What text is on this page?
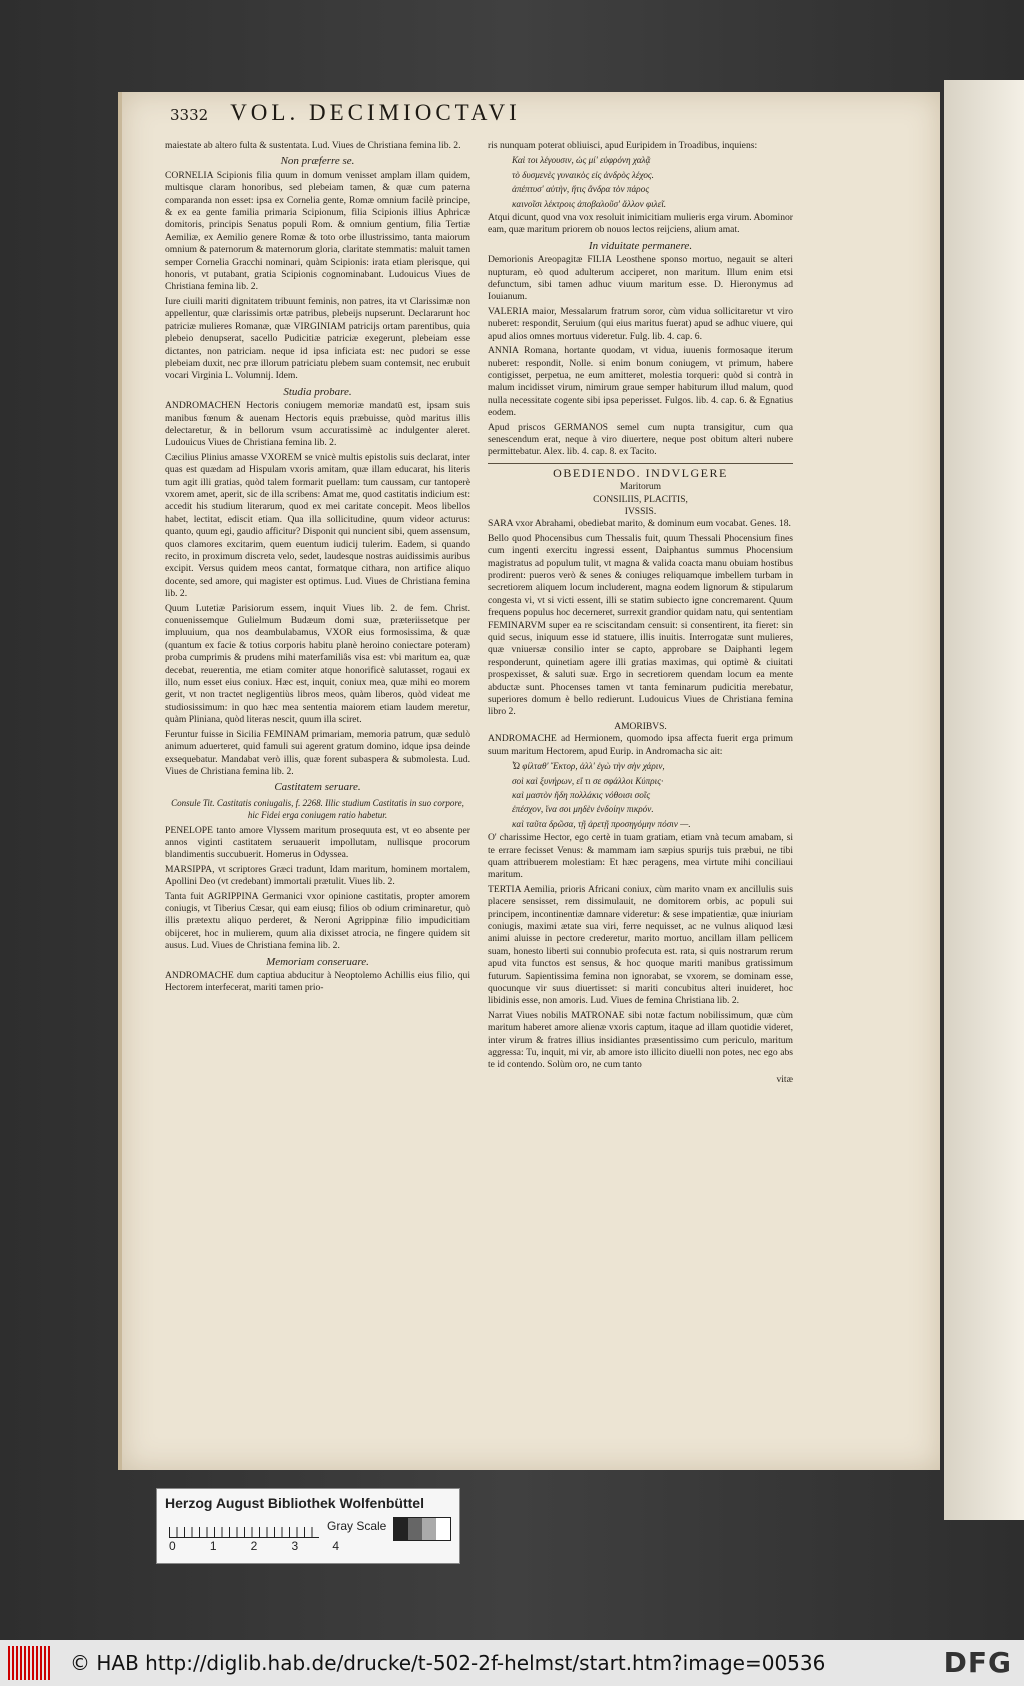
3332 VOL. DECIMIOCTAVI

maiestate ab altero fulta & sustentata. Lud. Viues de Christiana femina lib. 2.

Non præferre se.

CORNELIA Scipionis filia quum in domum venisset amplam illam quidem, multisque claram honoribus, sed plebeiam tamen, & quæ cum paterna comparanda non esset: ipsa ex Cornelia gente, Romæ omnium facilè principe, & ex ea gente familia primaria Scipionum, filia Scipionis illius Aphricæ domitoris, principis Senatus populi Rom. & omnium gentium, filia Tertiæ Aemiliæ, ex Aemilio genere Romæ & toto orbe illustrissimo, tanta maiorum omnium & paternorum & maternorum gloria, claritate stemmatis: maluit tamen semper Cornelia Gracchi nominari, quàm Scipionis: irata etiam plerisque, qui honoris, vt putabant, gratia Scipionis cognominabant. Ludouicus Viues de Christiana femina lib. 2.

Iure ciuili mariti dignitatem tribuunt feminis, non patres, ita vt Clarissimæ non appellentur, quæ clarissimis ortæ patribus, plebeijs nupserunt. Declararunt hoc patriciæ mulieres Romanæ, quæ VIRGINIAM patricijs ortam parentibus, quia plebeio denupserat, sacello Pudicitiæ patriciæ exegerunt, plebeiam esse dictantes, non patriciam. neque id ipsa inficiata est: nec pudori se esse plebeiam duxit, nec præ illorum patriciatu plebem suam contemsit, nec erubuit vocari Virginia L. Volumnij. Idem.

Studia probare.

ANDROMACHEN Hectoris coniugem memoriæ mandatū est, ipsam suis manibus fœnum & auenam Hectoris equis præbuisse, quòd maritus illis delectaretur, & in bellorum vsum accuratissimè ac indulgenter aleret. Ludouicus Viues de Christiana femina lib. 2.

Cæcilius Plinius amasse VXOREM se vnicè multis epistolis suis declarat, inter quas est quædam ad Hispulam vxoris amitam, quæ illam educarat, his literis tum agit illi gratias, quòd talem formarit puellam: tum caussam, cur tantoperè vxorem amet, aperit, sic de illa scribens: Amat me, quod castitatis indicium est: accedit his studium literarum, quod ex mei caritate concepit. Meos libellos habet, lectitat, ediscit etiam. Qua illa sollicitudine, quum videor acturus: quanto, quum egi, gaudio afficitur? Disponit qui nuncient sibi, quem assensum, quos clamores excitarim, quem euentum iudicij tulerim. Eadem, si quando recito, in proximum discreta velo, sedet, laudesque nostras auidissimis auribus excipit. Versus quidem meos cantat, formatque cithara, non artifice aliquo docente, sed amore, qui magister est optimus. Lud. Viues de Christiana femina lib. 2.

Quum Lutetiæ Parisiorum essem, inquit Viues lib. 2. de fem. Christ. conuenissemque Gulielmum Budæum domi suæ, præteriissetque per impluuium, qua nos deambulabamus, VXOR eius formosissima, & quæ (quantum ex facie & totius corporis habitu planè heroino coniectare poteram) proba cumprimis & prudens mihi materfamiliâs visa est: vbi maritum ea, quæ decebat, reuerentia, me etiam comiter atque honorificè salutasset, rogaui ex illo, num esset eius coniux. Hæc est, inquit, coniux mea, quæ mihi eo morem gerit, vt non tractet negligentiùs libros meos, quàm liberos, quòd videat me studiosissimum: in quo hæc mea sententia maiorem etiam laudem meretur, quàm Pliniana, quòd literas nescit, quum illa sciret.

Feruntur fuisse in Sicilia FEMINAM primariam, memoria patrum, quæ sedulò animum aduerteret, quid famuli sui agerent gratum domino, idque ipsa deinde exsequebatur. Mandabat verò illis, quæ forent subaspera & submolesta. Lud. Viues de Christiana femina lib. 2.

Castitatem seruare.

Consule Tit. Castitatis coniugalis, f. 2268. Illic studium Castitatis in suo corpore, hic Fidei erga coniugem ratio habetur.

PENELOPE tanto amore Vlyssem maritum prosequuta est, vt eo absente per annos viginti castitatem seruauerit impollutam, nullisque procorum blandimentis succubuerit. Homerus in Odyssea.

MARSIPPA, vt scriptores Græci tradunt, Idam maritum, hominem mortalem, Apollini Deo (vt credebant) immortali prætulit. Viues lib. 2.

Tanta fuit AGRIPPINA Germanici vxor opinione castitatis, propter amorem coniugis, vt Tiberius Cæsar, qui eam eiusq; filios ob odium criminaretur, quò illis prætextu aliquo perderet, & Neroni Agrippinæ filio impudicitiam obijceret, hoc in mulierem, quum alia dixisset atrocia, ne fingere quidem sit ausus. Lud. Viues de Christiana femina lib. 2.

Memoriam conseruare.

ANDROMACHE dum captiua abducitur à Neoptolemo Achillis eius filio, qui Hectorem interfecerat, mariti tamen prio-

ris nunquam poterat obliuisci, apud Euripidem in Troadibus, inquiens:

Καὶ τοι λέγουσιν, ὡς μί' εὐφρόνη χαλᾷ

τὸ δυσμενὲς γυναικὸς εἰς ἀνδρὸς λέχος.

ἀπέπτυσ' αὐτὴν, ἥτις ἄνδρα τὸν πάρος

καινοῖσι λέκτροις ἀποβαλοῦσ' ἄλλον φιλεῖ.

Atqui dicunt, quod vna vox resoluit inimicitiam mulieris erga virum. Abominor eam, quæ maritum priorem ob nouos lectos reijciens, alium amat.

In viduitate permanere.

Demorionis Areopagitæ FILIA Leosthene sponso mortuo, negauit se alteri nupturam, eò quod adulterum acciperet, non maritum. Illum enim etsi defunctum, sibi tamen adhuc viuum maritum esse. D. Hieronymus ad Iouianum.

VALERIA maior, Messalarum fratrum soror, cùm vidua sollicitaretur vt viro nuberet: respondit, Seruium (qui eius maritus fuerat) apud se adhuc viuere, qui apud alios omnes mortuus videretur. Fulg. lib. 4. cap. 6.

ANNIA Romana, hortante quodam, vt vidua, iuuenis formosaque iterum nuberet: respondit, Nolle. si enim bonum coniugem, vt primum, habere contigisset, perpetua, ne eum amitteret, molestia torqueri: quòd si contrà in malum incidisset virum, nimirum graue semper habiturum illud malum, quod nulla necessitate cogente sibi ipsa peperisset. Fulgos. lib. 4. cap. 6. & Egnatius eodem.

Apud priscos GERMANOS semel cum nupta transigitur, cum qua senescendum erat, neque à viro diuertere, neque post obitum alteri nubere permittebatur. Alex. lib. 4. cap. 8. ex Tacito.

OBEDIENDO. INDVLGERE

Maritorum

CONSILIIS, PLACITIS,

IVSSIS.

SARA vxor Abrahami, obediebat marito, & dominum eum vocabat. Genes. 18.

Bello quod Phocensibus cum Thessalis fuit, quum Thessali Phocensium fines cum ingenti exercitu ingressi essent, Daiphantus summus Phocensium magistratus ad populum tulit, vt magna & valida coacta manu obuiam hostibus prodirent: pueros verò & senes & coniuges reliquamque imbellem turbam in secretiorem aliquem locum includerent, magna eodem lignorum & stipularum congesta vi, vt si victi essent, illi se statim subiecto igne concremarent. Quum frequens populus hoc decerneret, surrexit grandior quidam natu, qui sententiam FEMINARVM super ea re sciscitandam censuit: si consentirent, ita fieret: sin quid secus, iniquum esse id statuere, illis inuitis. Interrogatæ sunt mulieres, quæ vniuersæ consilio inter se capto, approbare se Daiphanti legem responderunt, quinetiam agere illi gratias maximas, qui optimè & ciuitati prospexisset, & saluti suæ. Ergo in secretiorem quendam locum ea mente abductæ sunt. Phocenses tamen vt tanta feminarum pudicitia merebatur, superiores domum è bello redierunt. Ludouicus Viues de Christiana femina libro 2.

AMORIBVS.

ANDROMACHE ad Hermionem, quomodo ipsa affecta fuerit erga primum suum maritum Hectorem, apud Eurip. in Andromacha sic ait:

Ὦ φίλταθ' Ἕκτορ, ἀλλ' ἐγὼ τὴν σὴν χάριν,

σοὶ καὶ ξυνήρων, εἴ τι σε σφάλλοι Κύπρις·

καὶ μαστὸν ἤδη πολλάκις νόθοισι σοῖς

ἐπέσχον, ἵνα σοι μηδὲν ἐνδοίην πικρόν.

καὶ ταῦτα δρῶσα, τῇ ἀρετῇ προσηγόμην πόσιν —.

O' charissime Hector, ego certè in tuam gratiam, etiam vnà tecum amabam, si te errare fecisset Venus: & mammam iam sæpius spurijs tuis præbui, ne tibi quam attribuerem molestiam: Et hæc peragens, mea virtute mihi conciliaui maritum.

TERTIA Aemilia, prioris Africani coniux, cùm marito vnam ex ancillulis suis placere sensisset, rem dissimulauit, ne domitorem orbis, ac populi sui principem, incontinentiæ damnare videretur: & sese impatientiæ, quæ iniuriam coniugis, maximi ætate sua viri, ferre nequisset, ac ne vulnus aliquod læsi animi aluisse in pectore crederetur, marito mortuo, ancillam illam pellicem suam, honesto liberti sui connubio profecuta est. rata, si quis nostrarum rerum apud vita functos est sensus, & hoc quoque mariti manibus gratissimum futurum. Sapientissima femina non ignorabat, se vxorem, se dominam esse, quocunque vir suus diuertisset: si mariti concubitus alteri inuideret, hoc libidinis esse, non amoris. Lud. Viues de femina Christiana lib. 2.

Narrat Viues nobilis MATRONAE sibi notæ factum nobilissimum, quæ cùm maritum haberet amore alienæ vxoris captum, itaque ad illam quotidie videret, inter virum & fratres illius insidiantes præsentissimo cum periculo, maritum aggressa: Tu, inquit, mi vir, ab amore isto illicito diuelli non potes, nec ego abs te id contendo. Solùm oro, ne cum tanto

vitæ

Herzog August Bibliothek Wolfenbüttel
0	1	2	3	4
Gray Scale
© HAB http://diglib.hab.de/drucke/t-502-2f-helmst/start.htm?image=00536	DFG
